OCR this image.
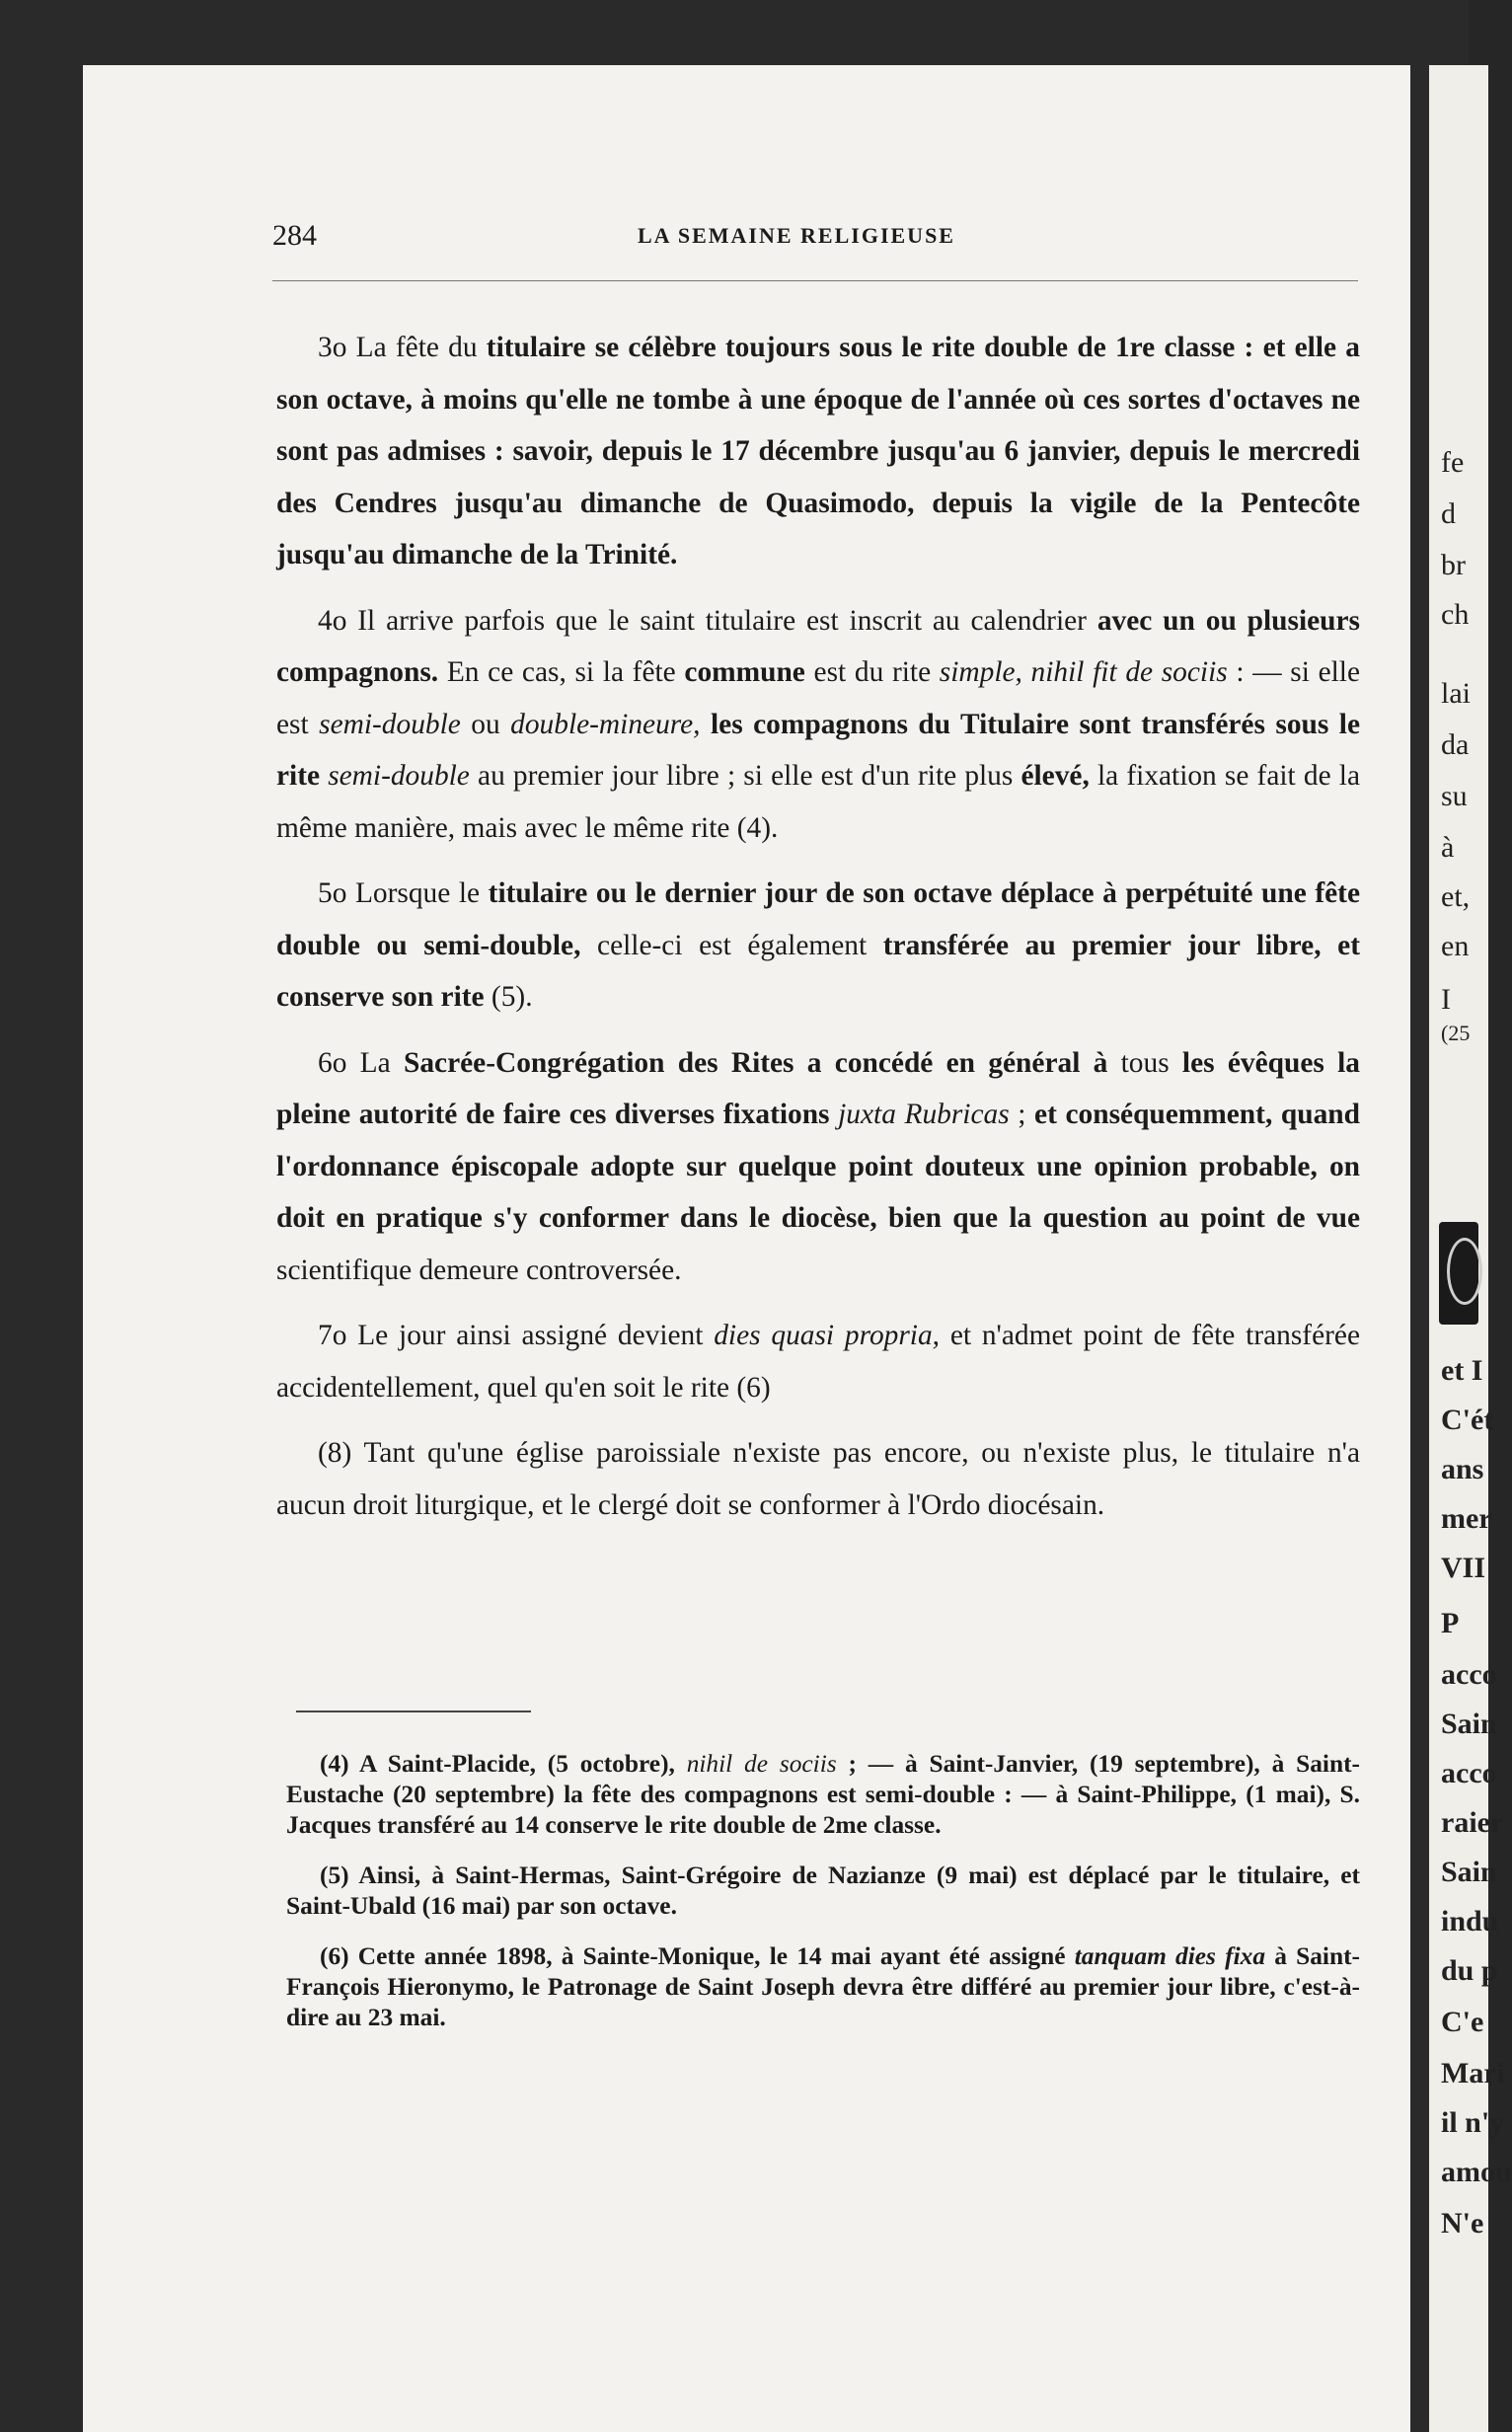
fe
d
br
ch
lai
da
su
à
et,
en
I
(25
et I
C'ét
ans
mer
VII
P
acco
Sain
acco
raier
Sain
indu
du p
C'e
Mari
il n'y
amou
N'e
284	LA SEMAINE RELIGIEUSE

3o La fête du titulaire se célèbre toujours sous le rite double de 1re classe : et elle a son octave, à moins qu'elle ne tombe à une époque de l'année où ces sortes d'octaves ne sont pas admises : savoir, depuis le 17 décembre jusqu'au 6 janvier, depuis le mercredi des Cendres jusqu'au dimanche de Quasimodo, depuis la vigile de la Pentecôte jusqu'au dimanche de la Trinité.

4o Il arrive parfois que le saint titulaire est inscrit au calendrier avec un ou plusieurs compagnons. En ce cas, si la fête commune est du rite simple, nihil fit de sociis : — si elle est semi-double ou double-mineure, les compagnons du Titulaire sont transférés sous le rite semi-double au premier jour libre ; si elle est d'un rite plus élevé, la fixation se fait de la même manière, mais avec le même rite (4).

5o Lorsque le titulaire ou le dernier jour de son octave déplace à perpétuité une fête double ou semi-double, celle-ci est également transférée au premier jour libre, et conserve son rite (5).

6o La Sacrée-Congrégation des Rites a concédé en général à tous les évêques la pleine autorité de faire ces diverses fixations juxta Rubricas ; et conséquemment, quand l'ordonnance épiscopale adopte sur quelque point douteux une opinion probable, on doit en pratique s'y conformer dans le diocèse, bien que la question au point de vue scientifique demeure controversée.

7o Le jour ainsi assigné devient dies quasi propria, et n'admet point de fête transférée accidentellement, quel qu'en soit le rite (6)

(8) Tant qu'une église paroissiale n'existe pas encore, ou n'existe plus, le titulaire n'a aucun droit liturgique, et le clergé doit se conformer à l'Ordo diocésain.

(4) A Saint-Placide, (5 octobre), nihil de sociis ; — à Saint-Janvier, (19 septembre), à Saint-Eustache (20 septembre) la fête des compagnons est semi-double : — à Saint-Philippe, (1 mai), S. Jacques transféré au 14 conserve le rite double de 2me classe.

(5) Ainsi, à Saint-Hermas, Saint-Grégoire de Nazianze (9 mai) est déplacé par le titulaire, et Saint-Ubald (16 mai) par son octave.

(6) Cette année 1898, à Sainte-Monique, le 14 mai ayant été assigné tanquam dies fixa à Saint-François Hieronymo, le Patronage de Saint Joseph devra être différé au premier jour libre, c'est-à-dire au 23 mai.
